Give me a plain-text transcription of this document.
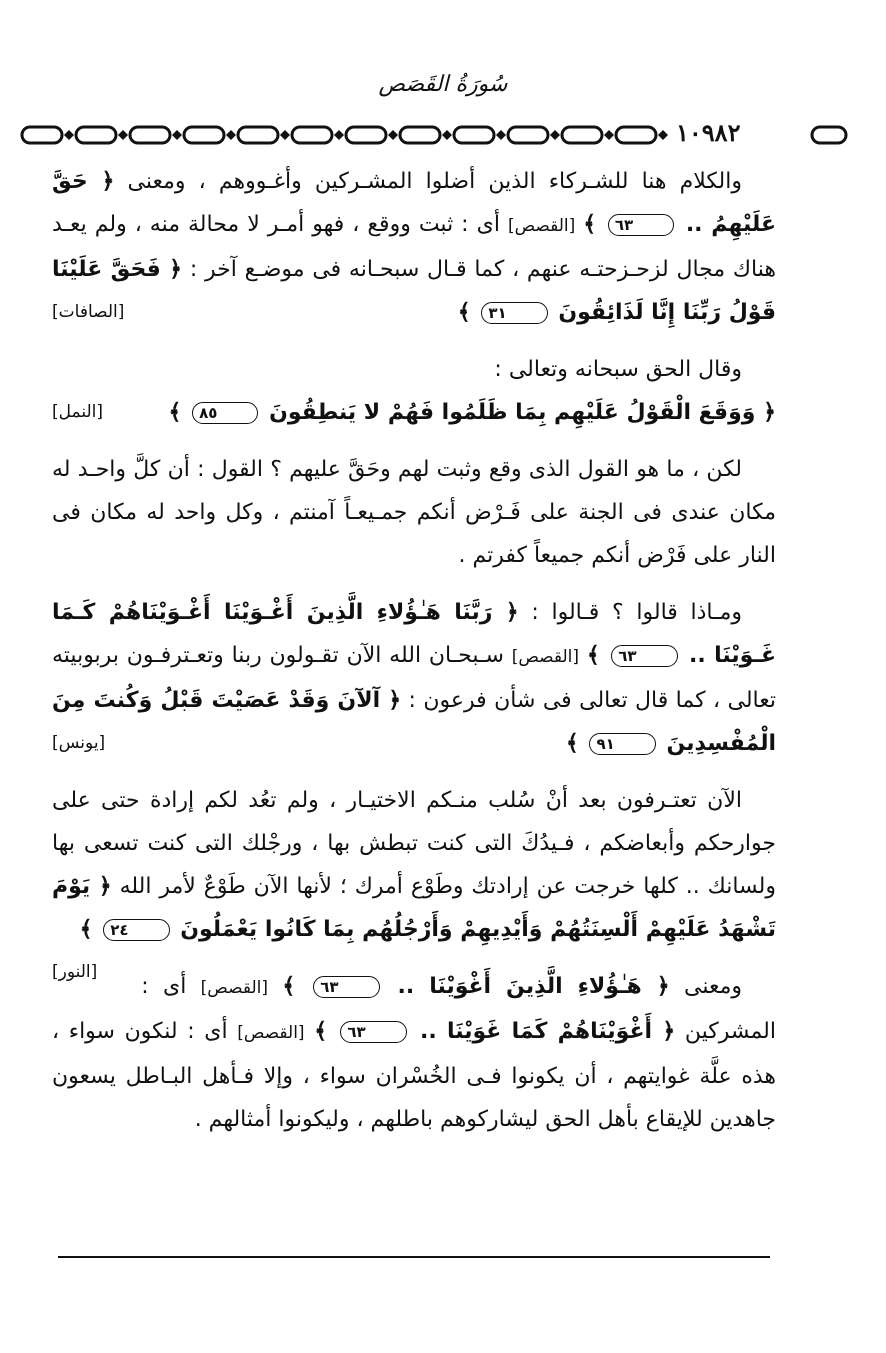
سُورَةُ القَصَص
١٠٩٨٢

والكلام هنا للشـركاء الذين أضلوا المشـركين وأغـووهم ، ومعنى ﴿ حَقَّ عَلَيْهِمُ .. ٦٣ ﴾ [القصص] أى : ثبت ووقع ، فهو أمـر لا محالة منه ، ولم يعـد هناك مجال لزحـزحتـه عنهم ، كما قـال سبحـانه فى موضـع آخر : ﴿ فَحَقَّ عَلَيْنَا قَوْلُ رَبِّنَا إِنَّا لَذَائِقُونَ ٣١ ﴾
[الصافات]

وقال الحق سبحانه وتعالى :

[النمل]	﴿ وَوَقَعَ الْقَوْلُ عَلَيْهِم بِمَا ظَلَمُوا فَهُمْ لا يَنطِقُونَ ٨٥ ﴾

لكن ، ما هو القول الذى وقع وثبت لهم وحَقَّ عليهم ؟ القول : أن كلَّ واحـد له مكان عندى فى الجنة على فَـرْض أنكم جمـيعـاً آمنتم ، وكل واحد له مكان فى النار على فَرْض أنكم جميعاً كفرتم .

ومـاذا قالوا ؟ قـالوا : ﴿ رَبَّنَا هَـٰؤُلاءِ الَّذِينَ أَغْـوَيْنَا أَغْـوَيْنَاهُمْ كَـمَا غَـوَيْنَا .. ٦٣ ﴾ [القصص] سـبحـان الله الآن تقـولون ربنا وتعـترفـون بربوبيته تعالى ، كما قال تعالى فى شأن فرعون : ﴿ آلآنَ وَقَدْ عَصَيْتَ قَبْلُ وَكُنتَ مِنَ الْمُفْسِدِينَ ٩١ ﴾
[يونس]

الآن تعتـرفون بعد أنْ سُلب منـكم الاختيـار ، ولم تعُد لكم إرادة حتى على جوارحكم وأبعاضكم ، فـيدُكَ التى كنت تبطش بها ، ورجْلك التى كنت تسعى بها ولسانك .. كلها خرجت عن إرادتك وطَوْع أمرك ؛ لأنها الآن طَوْعٌ لأمر الله ﴿ يَوْمَ تَشْهَدُ عَلَيْهِمْ أَلْسِنَتُهُمْ وَأَيْدِيهِمْ وَأَرْجُلُهُم بِمَا كَانُوا يَعْمَلُونَ ٢٤ ﴾
[النور]

ومعنى ﴿ هَـٰؤُلاءِ الَّذِينَ أَغْوَيْنَا .. ٦٣ ﴾ [القصص] أى : المشركين ﴿ أَغْوَيْنَاهُمْ كَمَا غَوَيْنَا .. ٦٣ ﴾ [القصص] أى : لنكون سواء ، هذه علَّة غوايتهم ، أن يكونوا فـى الخُسْران سواء ، وإلا فـأهل البـاطل يسعون جاهدين للإيقاع بأهل الحق ليشاركوهم باطلهم ، وليكونوا أمثالهم .
